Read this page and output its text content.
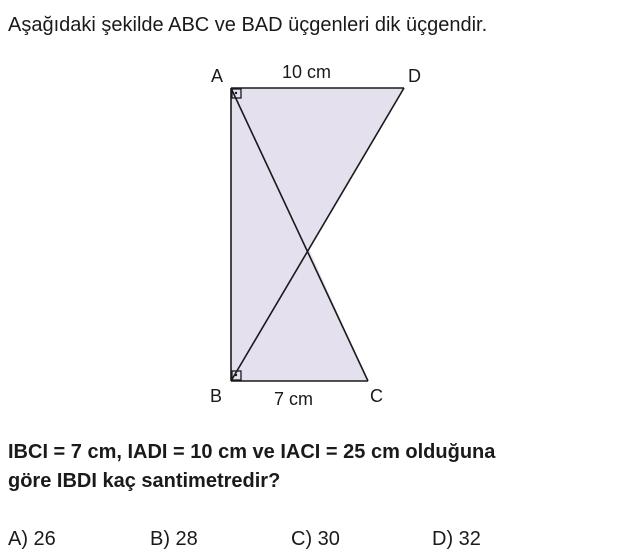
Aşağıdaki şekilde ABC ve BAD üçgenleri dik üçgendir.
A	D
B	C
10 cm
7 cm
IBCI = 7 cm, IADI = 10 cm ve IACI = 25 cm olduğuna
göre IBDI kaç santimetredir?
A) 26	B) 28	C) 30	D) 32
